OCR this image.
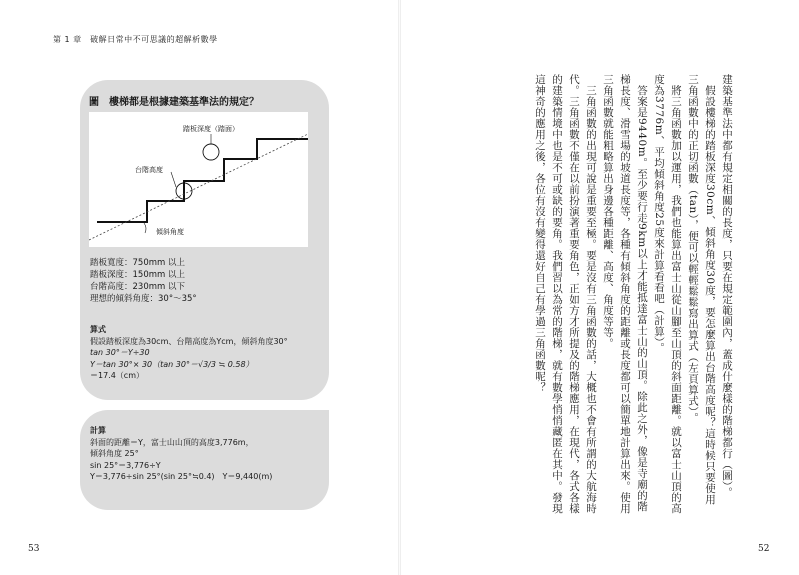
第 1 章　破解日常中不可思議的超解析數學
圖　樓梯都是根據建築基準法的規定？
踏板深度（踏面）
台階高度
傾斜角度
踏板寬度：750mm 以上
踏板深度：150mm 以上
台階高度：230mm 以下
理想的傾斜角度：30°～35°
算式
假設踏板深度為30cm、台階高度為Ycm，傾斜角度30°
tan 30°＝Y÷30
Y＝tan 30°× 30（tan 30°＝√3/3 ≒ 0.58）
＝17.4（cm）
計算
斜面的距離＝Y，富士山山頂的高度3,776m，
傾斜角度 25°
sin 25°＝3,776÷Y
Y＝3,776÷sin 25°(sin 25°≒0.4)　Y＝9,440(m)	建築基準法中都有規定相關的長度，只要在規定範圍內，蓋成什麼樣的階梯都行（圖）。

　假設樓梯的踏板深度30cm、傾斜角度30度，要怎麼算出台階高度呢？這時候只要使用三角函數中的正切函數（tan），便可以輕輕鬆鬆寫出算式（左頁算式）。

　將三角函數加以運用，我們也能算出富士山從山腳至山頂的斜面距離。就以富士山頂的高度為3776m、平均傾斜角度25度來計算看看吧（計算）。

　答案是9440m。至少要行走9km以上才能抵達富士山的山頂。除此之外，像是寺廟的階梯長度、滑雪場的坡道長度等，各種有傾斜角度的距離或長度都可以簡單地計算出來。使用三角函數就能粗略算出身邊各種距離、高度、角度等等。

　三角函數的出現可說是重要至極。要是沒有三角函數的話，大概也不會有所謂的大航海時代。三角函數不僅在以前扮演著重要角色，正如方才所提及的階梯應用，在現代，各式各樣的建築情境中也是不可或缺的要角。我們習以為常的階梯，就有數學悄悄藏匿在其中。發現這神奇的應用之後，各位有沒有變得還好自己有學過三角函數呢？

53	52
